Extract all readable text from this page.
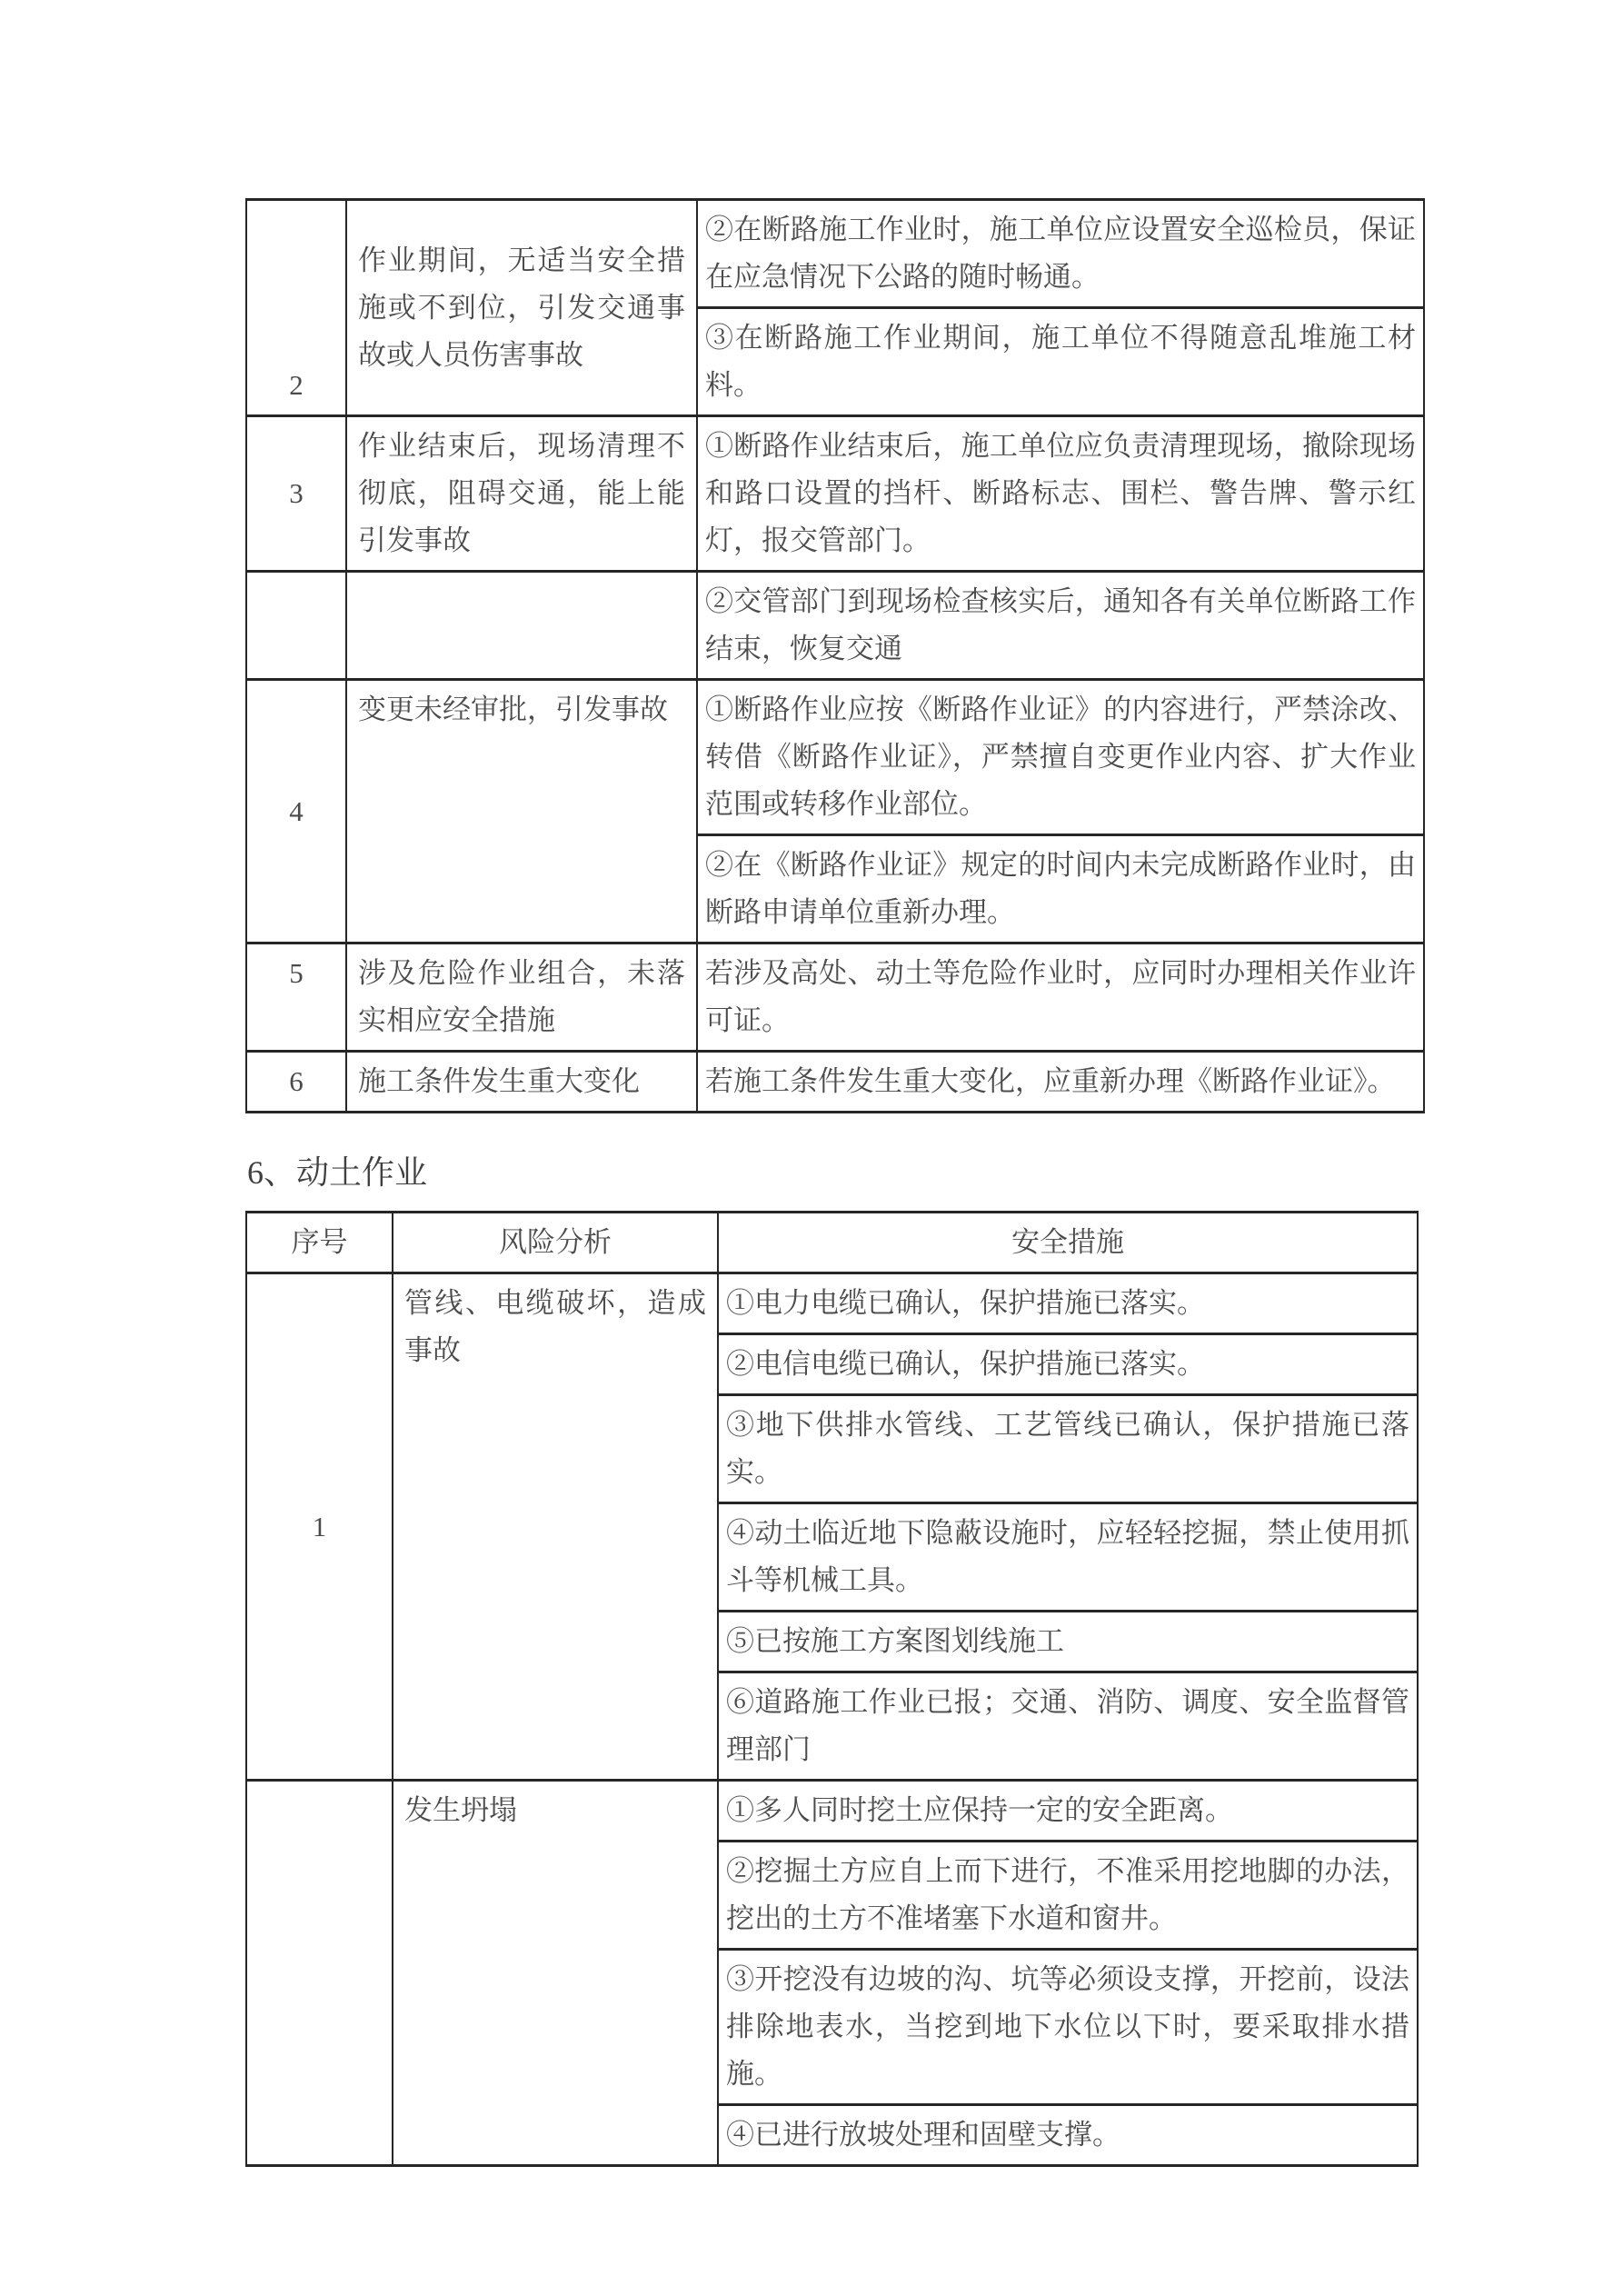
2	作业期间，无适当安全措施或不到位，引发交通事故或人员伤害事故	②在断路施工作业时，施工单位应设置安全巡检员，保证在应急情况下公路的随时畅通。
		③在断路施工作业期间，施工单位不得随意乱堆施工材料。
3	作业结束后，现场清理不彻底，阻碍交通，能上能引发事故	①断路作业结束后，施工单位应负责清理现场，撤除现场和路口设置的挡杆、断路标志、围栏、警告牌、警示红灯，报交管部门。
		②交管部门到现场检查核实后，通知各有关单位断路工作结束，恢复交通
4	变更未经审批，引发事故	①断路作业应按《断路作业证》的内容进行，严禁涂改、转借《断路作业证》，严禁擅自变更作业内容、扩大作业范围或转移作业部位。
		②在《断路作业证》规定的时间内未完成断路作业时，由断路申请单位重新办理。
5	涉及危险作业组合，未落实相应安全措施	若涉及高处、动土等危险作业时，应同时办理相关作业许可证。
6	施工条件发生重大变化	若施工条件发生重大变化，应重新办理《断路作业证》。
6、动土作业
序号	风险分析	安全措施
1	管线、电缆破坏，造成事故	①电力电缆已确认，保护措施已落实。
		②电信电缆已确认，保护措施已落实。
		③地下供排水管线、工艺管线已确认，保护措施已落实。
		④动土临近地下隐蔽设施时，应轻轻挖掘，禁止使用抓斗等机械工具。
		⑤已按施工方案图划线施工
		⑥道路施工作业已报；交通、消防、调度、安全监督管理部门
	发生坍塌	①多人同时挖土应保持一定的安全距离。
		②挖掘土方应自上而下进行，不准采用挖地脚的办法，挖出的土方不准堵塞下水道和窗井。
		③开挖没有边坡的沟、坑等必须设支撑，开挖前，设法排除地表水，当挖到地下水位以下时，要采取排水措施。
		④已进行放坡处理和固壁支撑。
